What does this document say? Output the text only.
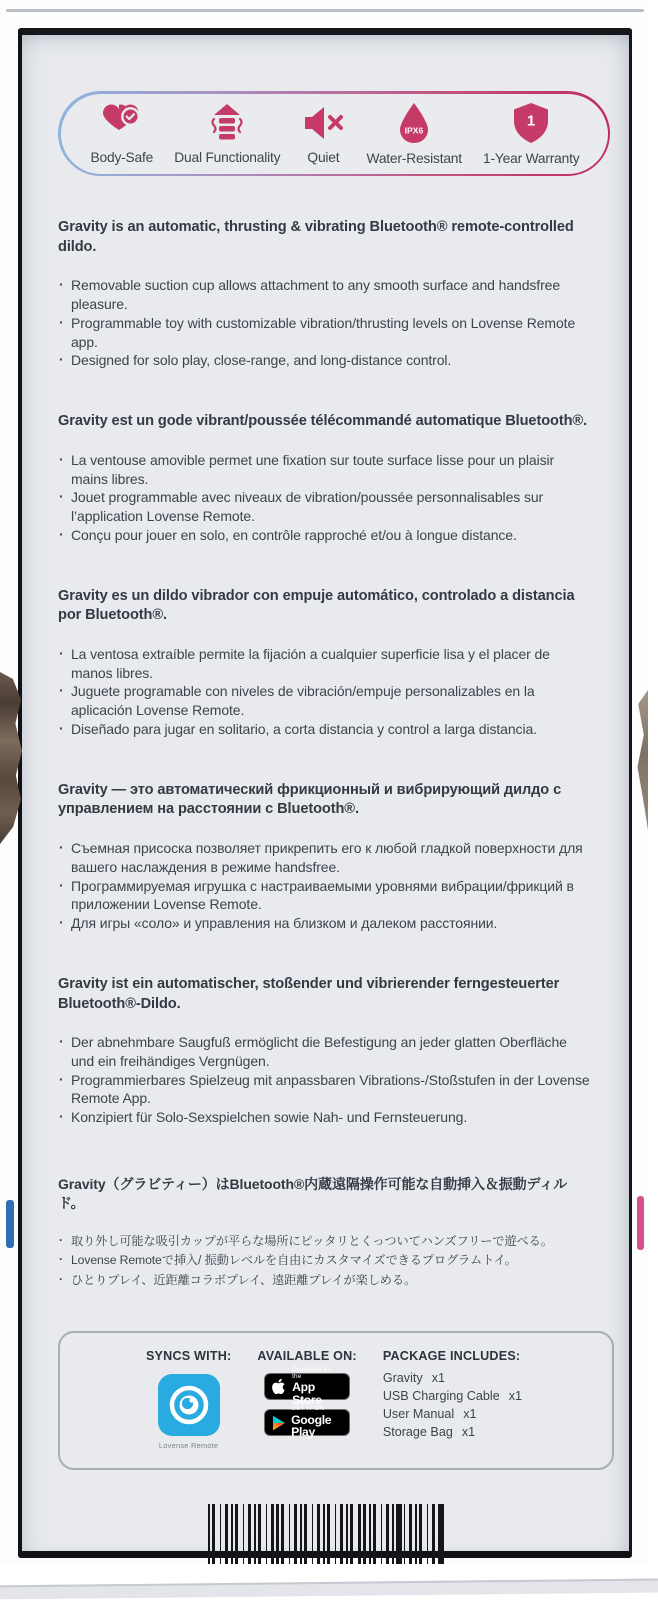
Body-Safe Dual Functionality Quiet
IPX6
Water-Resistant
1
1-Year Warranty
Gravity is an automatic, thrusting & vibrating Bluetooth® remote-controlled dildo.
· Removable suction cup allows attachment to any smooth surface and handsfree pleasure.
· Programmable toy with customizable vibration/thrusting levels on Lovense Remote app.
· Designed for solo play, close-range, and long-distance control.
Gravity est un gode vibrant/poussée télécommandé automatique Bluetooth®.
· La ventouse amovible permet une fixation sur toute surface lisse pour un plaisir mains libres.
· Jouet programmable avec niveaux de vibration/poussée personnalisables sur l’application Lovense Remote.
· Conçu pour jouer en solo, en contrôle rapproché et/ou à longue distance.
Gravity es un dildo vibrador con empuje automático, controlado a distancia por Bluetooth®.
· La ventosa extraíble permite la fijación a cualquier superficie lisa y el placer de manos libres.
· Juguete programable con niveles de vibración/empuje personalizables en la aplicación Lovense Remote.
· Diseñado para jugar en solitario, a corta distancia y control a larga distancia.
Gravity — это автоматический фрикционный и вибрирующий дилдо с управлением на расстоянии с Bluetooth®.
· Съемная присоска позволяет прикрепить его к любой гладкой поверхности для вашего наслаждения в режиме handsfree.
· Программируемая игрушка с настраиваемыми уровнями вибрации/фрикций в приложении Lovense Remote.
· Для игры «соло» и управления на близком и далеком расстоянии.
Gravity ist ein automatischer, stoßender und vibrierender ferngesteuerter Bluetooth®-Dildo.
· Der abnehmbare Saugfuß ermöglicht die Befestigung an jeder glatten Oberfläche und ein freihändiges Vergnügen.
· Programmierbares Spielzeug mit anpassbaren Vibrations-/Stoßstufen in der Lovense Remote App.
· Konzipiert für Solo-Sexspielchen sowie Nah- und Fernsteuerung.
Gravity（グラビティー）はBluetooth®内蔵遠隔操作可能な自動挿入＆振動ディルド。
· 取り外し可能な吸引カップが平らな場所にピッタリとくっついてハンズフリーで遊べる。
· Lovense Remoteで挿入/ 振動レベルを自由にカスタマイズできるプログラムトイ。
· ひとりプレイ、近距離コラボプレイ、遠距離プレイが楽しめる。
SYNCS WITH:
Lovense Remote
AVAILABLE ON:
Download on the
App Store
GET IT ON
Google Play
PACKAGE INCLUDES:
Gravity x1
USB Charging Cable x1
User Manual x1
Storage Bag x1
